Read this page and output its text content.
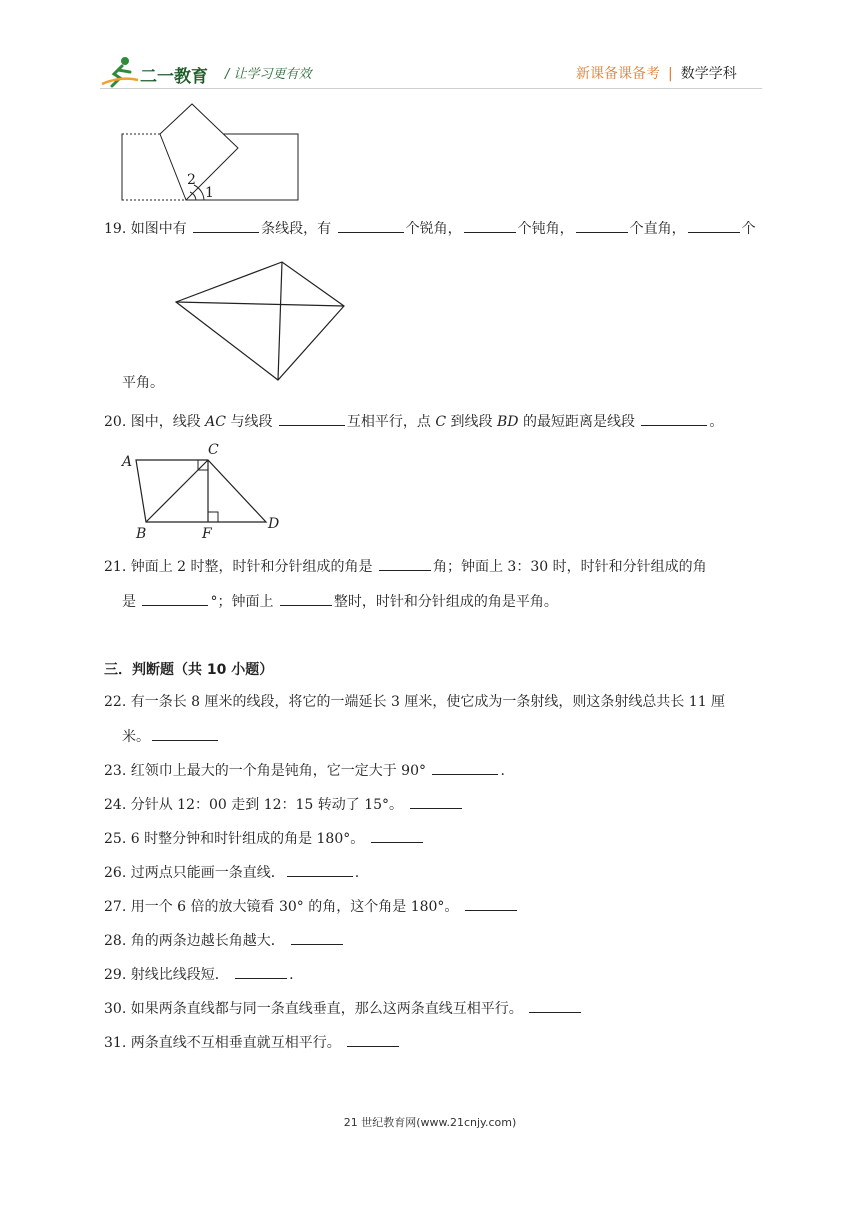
二一教育 / 让学习更有效	新课备课备考 | 数学学科
2
1
19. 如图中有	条线段，有	个锐角，	个钝角，	个直角，	个
平角。
20. 图中，线段 AC 与线段	互相平行，点 C 到线段 BD 的最短距离是线段	。
A
C
B	F
D
21. 钟面上 2 时整，时针和分针组成的角是	角；钟面上 3：30 时，时针和分针组成的角
是	°；钟面上	整时，时针和分针组成的角是平角。
三．判断题（共 10 小题）
22. 有一条长 8 厘米的线段，将它的一端延长 3 厘米，使它成为一条射线，则这条射线总共长 11 厘
米。
23. 红领巾上最大的一个角是钝角，它一定大于 90°	.
24. 分针从 12：00 走到 12：15 转动了 15°。
25. 6 时整分钟和时针组成的角是 180°。
26. 过两点只能画一条直线．	.
27. 用一个 6 倍的放大镜看 30° 的角，这个角是 180°。
28. 角的两条边越长角越大．
29. 射线比线段短．	.
30. 如果两条直线都与同一条直线垂直，那么这两条直线互相平行。
31. 两条直线不互相垂直就互相平行。
21 世纪教育网(www.21cnjy.com)
